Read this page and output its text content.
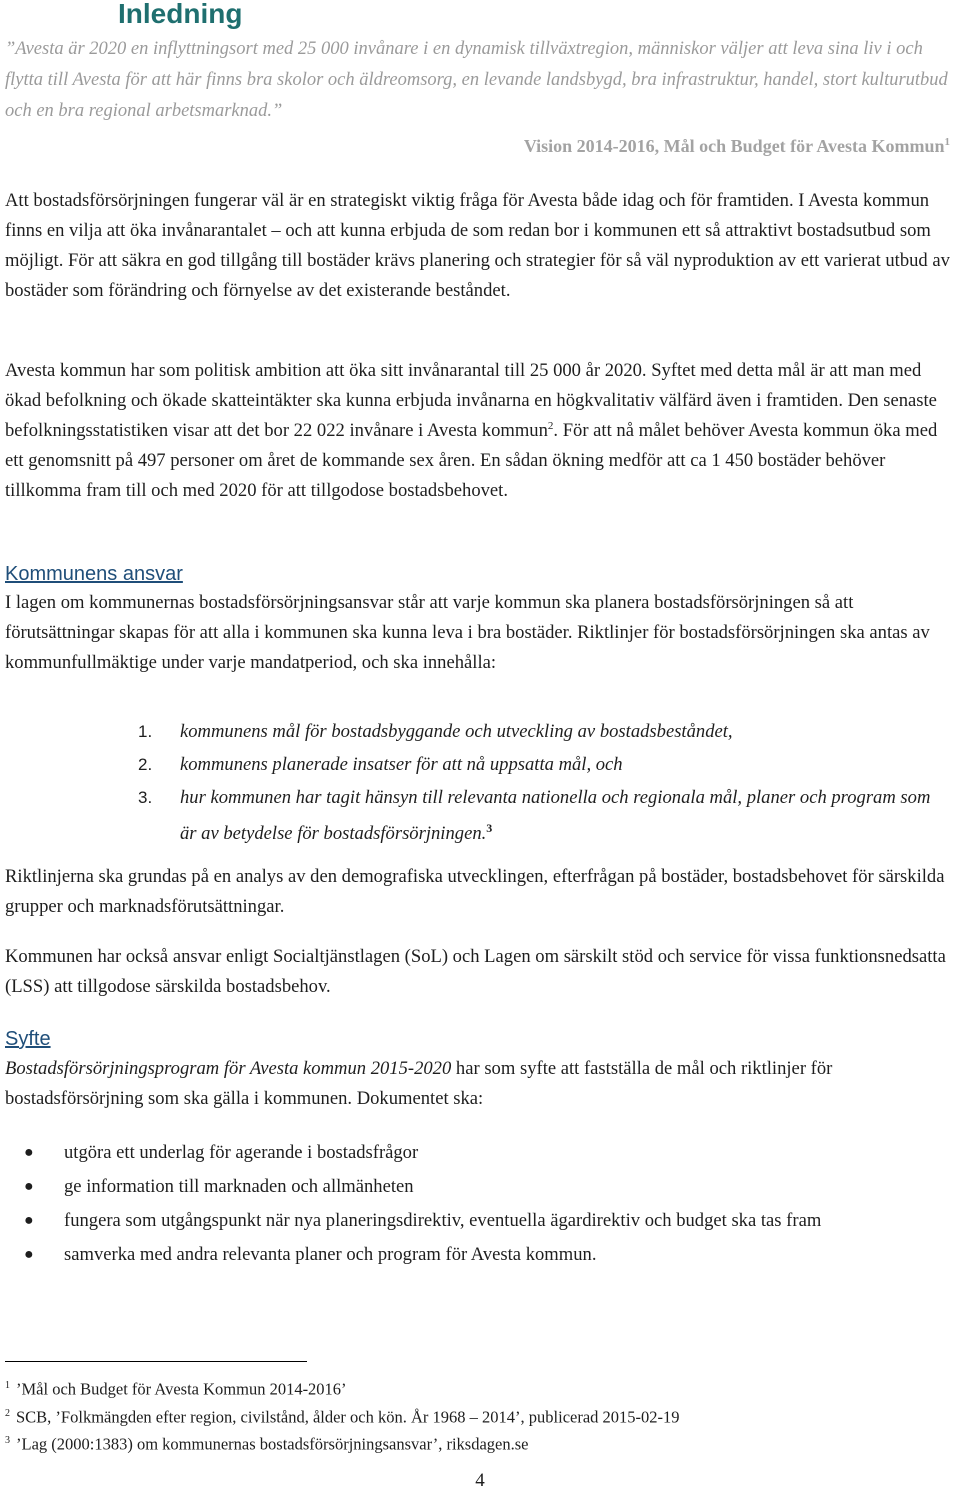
Inledning

”Avesta är 2020 en inflyttningsort med 25 000 invånare i en dynamisk tillväxtregion, människor väljer att leva sina liv i och flytta till Avesta för att här finns bra skolor och äldreomsorg, en levande landsbygd, bra infrastruktur, handel, stort kulturutbud och en bra regional arbetsmarknad.”

Vision 2014-2016, Mål och Budget för Avesta Kommun$^1$

Att bostadsförsörjningen fungerar väl är en strategiskt viktig fråga för Avesta både idag och för framtiden. I Avesta kommun finns en vilja att öka invånarantalet – och att kunna erbjuda de som redan bor i kommunen ett så attraktivt bostadsutbud som möjligt. För att säkra en god tillgång till bostäder krävs planering och strategier för så väl nyproduktion av ett varierat utbud av bostäder som förändring och förnyelse av det existerande beståndet.

Avesta kommun har som politisk ambition att öka sitt invånarantal till 25 000 år 2020. Syftet med detta mål är att man med ökad befolkning och ökade skatteintäkter ska kunna erbjuda invånarna en högkvalitativ välfärd även i framtiden. Den senaste befolkningsstatistiken visar att det bor 22 022 invånare i Avesta kommun$^2$. För att nå målet behöver Avesta kommun öka med ett genomsnitt på 497 personer om året de kommande sex åren. En sådan ökning medför att ca 1 450 bostäder behöver tillkomma fram till och med 2020 för att tillgodose bostadsbehovet.

Kommunens ansvar

I lagen om kommunernas bostadsförsörjningsansvar står att varje kommun ska planera bostadsförsörjningen så att förutsättningar skapas för att alla i kommunen ska kunna leva i bra bostäder. Riktlinjer för bostadsförsörjningen ska antas av kommunfullmäktige under varje mandatperiod, och ska innehålla:

1. kommunens mål för bostadsbyggande och utveckling av bostadsbeståndet,
2. kommunens planerade insatser för att nå uppsatta mål, och
3. hur kommunen har tagit hänsyn till relevanta nationella och regionala mål, planer och program som är av betydelse för bostadsförsörjningen.$^3$

Riktlinjerna ska grundas på en analys av den demografiska utvecklingen, efterfrågan på bostäder, bostadsbehovet för särskilda grupper och marknadsförutsättningar.

Kommunen har också ansvar enligt Socialtjänstlagen (SoL) och Lagen om särskilt stöd och service för vissa funktionsnedsatta (LSS) att tillgodose särskilda bostadsbehov.

Syfte

Bostadsförsörjningsprogram för Avesta kommun 2015-2020 har som syfte att fastställa de mål och riktlinjer för bostadsförsörjning som ska gälla i kommunen. Dokumentet ska:

● utgöra ett underlag för agerande i bostadsfrågor
● ge information till marknaden och allmänheten
● fungera som utgångspunkt när nya planeringsdirektiv, eventuella ägardirektiv och budget ska tas fram
● samverka med andra relevanta planer och program för Avesta kommun.
$^1$ ’Mål och Budget för Avesta Kommun 2014-2016’
$^2$ SCB, ’Folkmängden efter region, civilstånd, ålder och kön. År 1968 – 2014’, publicerad 2015-02-19
$^3$ ’Lag (2000:1383) om kommunernas bostadsförsörjningsansvar’, riksdagen.se
4
